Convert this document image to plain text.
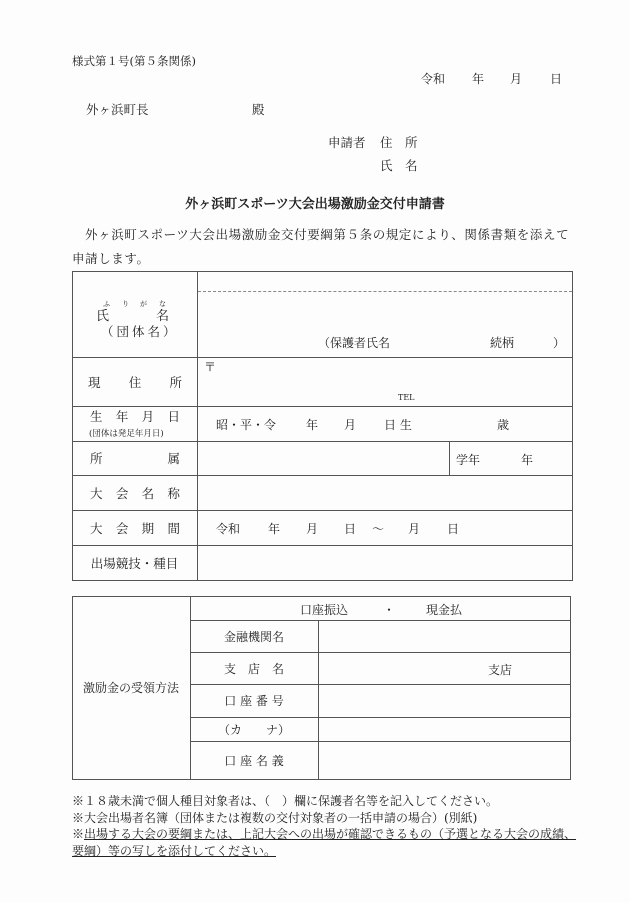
様式第１号(第５条関係)
令和 年 月 日
外ヶ浜町長	殿
申請者 住　所
氏　名
外ヶ浜町スポーツ大会出場激励金交付申請書
外ヶ浜町スポーツ大会出場激励金交付要綱第５条の規定により、関係書類を添えて申請します。
ふ り が な
氏	名
（団体名）
（保護者氏名	続柄	）
現 住 所
〒
TEL
生 年 月 日
(団体は発足年月日)
昭・平・令 年 月 日 生	歳
所	属	学年	年
大 会 名 称
大 会 期 間	令和 年 月 日 ～ 月 日
出場競技・種目
激励金の受領方法
口座振込	・	現金払
金融機関名
支　店　名	支店
口 座 番 号
（カ　　ナ）
口 座 名 義
※１８歳未満で個人種目対象者は、（　）欄に保護者名等を記入してください。
※大会出場者名簿（団体または複数の交付対象者の一括申請の場合）(別紙)
※出場する大会の要綱または、上記大会への出場が確認できるもの（予選となる大会の成績、要綱）等の写しを添付してください。
